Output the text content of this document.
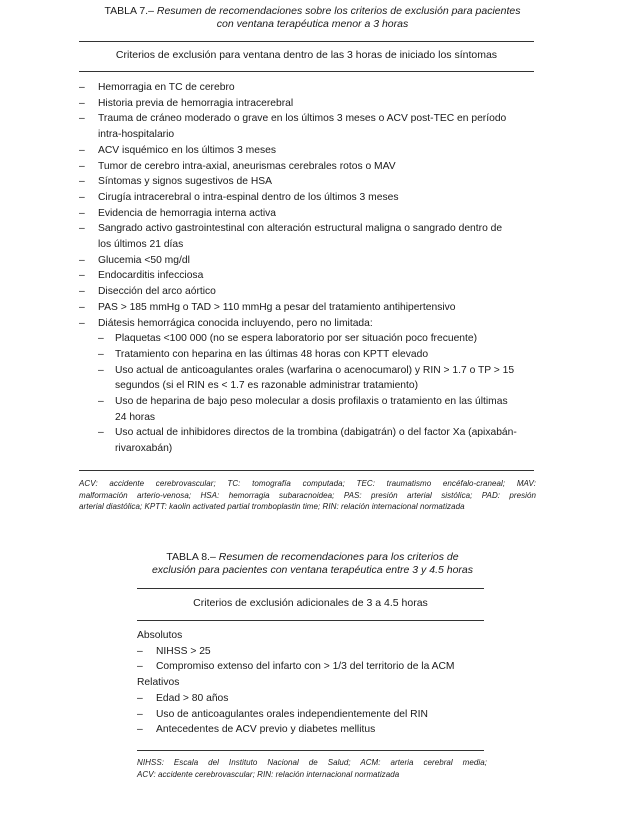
TABLA 7.– Resumen de recomendaciones sobre los criterios de exclusión para pacientes
con ventana terapéutica menor a 3 horas
Criterios de exclusión para ventana dentro de las 3 horas de iniciado los síntomas
– Hemorragia en TC de cerebro
– Historia previa de hemorragia intracerebral
– Trauma de cráneo moderado o grave en los últimos 3 meses o ACV post-TEC en período
intra-hospitalario
– ACV isquémico en los últimos 3 meses
– Tumor de cerebro intra-axial, aneurismas cerebrales rotos o MAV
– Síntomas y signos sugestivos de HSA
– Cirugía intracerebral o intra-espinal dentro de los últimos 3 meses
– Evidencia de hemorragia interna activa
– Sangrado activo gastrointestinal con alteración estructural maligna o sangrado dentro de
los últimos 21 días
– Glucemia <50 mg/dl
– Endocarditis infecciosa
– Disección del arco aórtico
– PAS > 185 mmHg o TAD > 110 mmHg a pesar del tratamiento antihipertensivo
– Diátesis hemorrágica conocida incluyendo, pero no limitada:
– Plaquetas <100 000 (no se espera laboratorio por ser situación poco frecuente)
– Tratamiento con heparina en las últimas 48 horas con KPTT elevado
– Uso actual de anticoagulantes orales (warfarina o acenocumarol) y RIN > 1.7 o TP > 15
segundos (si el RIN es < 1.7 es razonable administrar tratamiento)
– Uso de heparina de bajo peso molecular a dosis profilaxis o tratamiento en las últimas
24 horas
– Uso actual de inhibidores directos de la trombina (dabigatrán) o del factor Xa (apixabán-
rivaroxabán)
ACV: accidente cerebrovascular; TC: tomografía computada; TEC: traumatismo encéfalo-craneal; MAV:
malformación arterio-venosa; HSA: hemorragia subaracnoidea; PAS: presión arterial sistólica; PAD: presión
arterial diastólica; KPTT: kaolin activated partial tromboplastin time; RIN: relación internacional normatizada
TABLA 8.– Resumen de recomendaciones para los criterios de
exclusión para pacientes con ventana terapéutica entre 3 y 4.5 horas
Criterios de exclusión adicionales de 3 a 4.5 horas
Absolutos
– NIHSS > 25
– Compromiso extenso del infarto con > 1/3 del territorio de la ACM
Relativos
– Edad > 80 años
– Uso de anticoagulantes orales independientemente del RIN
– Antecedentes de ACV previo y diabetes mellitus
NIHSS: Escala del Instituto Nacional de Salud; ACM: arteria cerebral media;
ACV: accidente cerebrovascular; RIN: relación internacional normatizada
